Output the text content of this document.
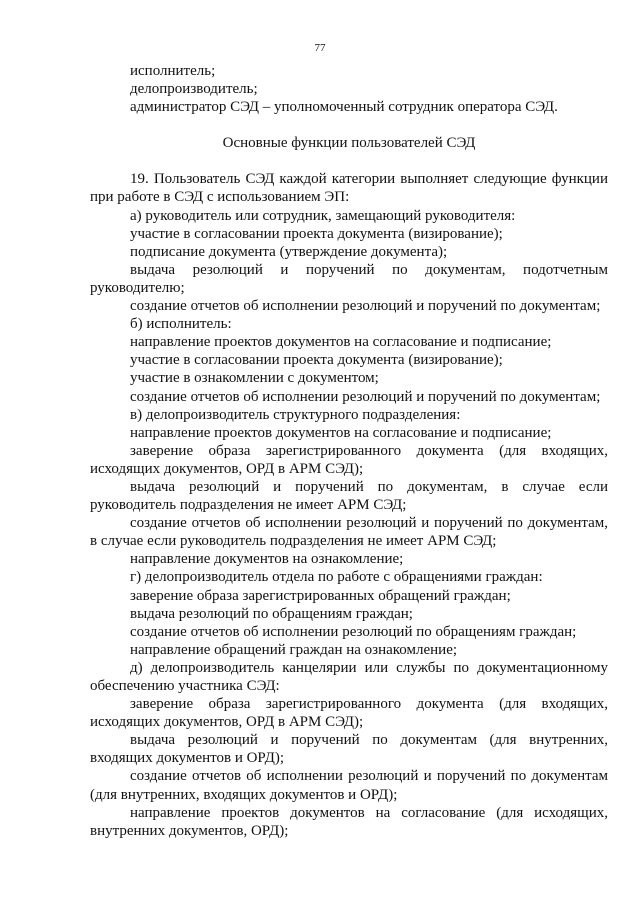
77

исполнитель;

делопроизводитель;

администратор СЭД – уполномоченный сотрудник оператора СЭД.

Основные функции пользователей СЭД

19. Пользователь СЭД каждой категории выполняет следующие функции при работе в СЭД с использованием ЭП:

а) руководитель или сотрудник, замещающий руководителя:

участие в согласовании проекта документа (визирование);

подписание документа (утверждение документа);

выдача резолюций и поручений по документам, подотчетным руководителю;

создание отчетов об исполнении резолюций и поручений по документам;

б) исполнитель:

направление проектов документов на согласование и подписание;

участие в согласовании проекта документа (визирование);

участие в ознакомлении с документом;

создание отчетов об исполнении резолюций и поручений по документам;

в) делопроизводитель структурного подразделения:

направление проектов документов на согласование и подписание;

заверение образа зарегистрированного документа (для входящих, исходящих документов, ОРД в АРМ СЭД);

выдача резолюций и поручений по документам, в случае если руководитель подразделения не имеет АРМ СЭД;

создание отчетов об исполнении резолюций и поручений по документам, в случае если руководитель подразделения не имеет АРМ СЭД;

направление документов на ознакомление;

г) делопроизводитель отдела по работе с обращениями граждан:

заверение образа зарегистрированных обращений граждан;

выдача резолюций по обращениям граждан;

создание отчетов об исполнении резолюций по обращениям граждан;

направление обращений граждан на ознакомление;

д) делопроизводитель канцелярии или службы по документационному обеспечению участника СЭД:

заверение образа зарегистрированного документа (для входящих, исходящих документов, ОРД в АРМ СЭД);

выдача резолюций и поручений по документам (для внутренних, входящих документов и ОРД);

создание отчетов об исполнении резолюций и поручений по документам (для внутренних, входящих документов и ОРД);

направление проектов документов на согласование (для исходящих, внутренних документов, ОРД);
